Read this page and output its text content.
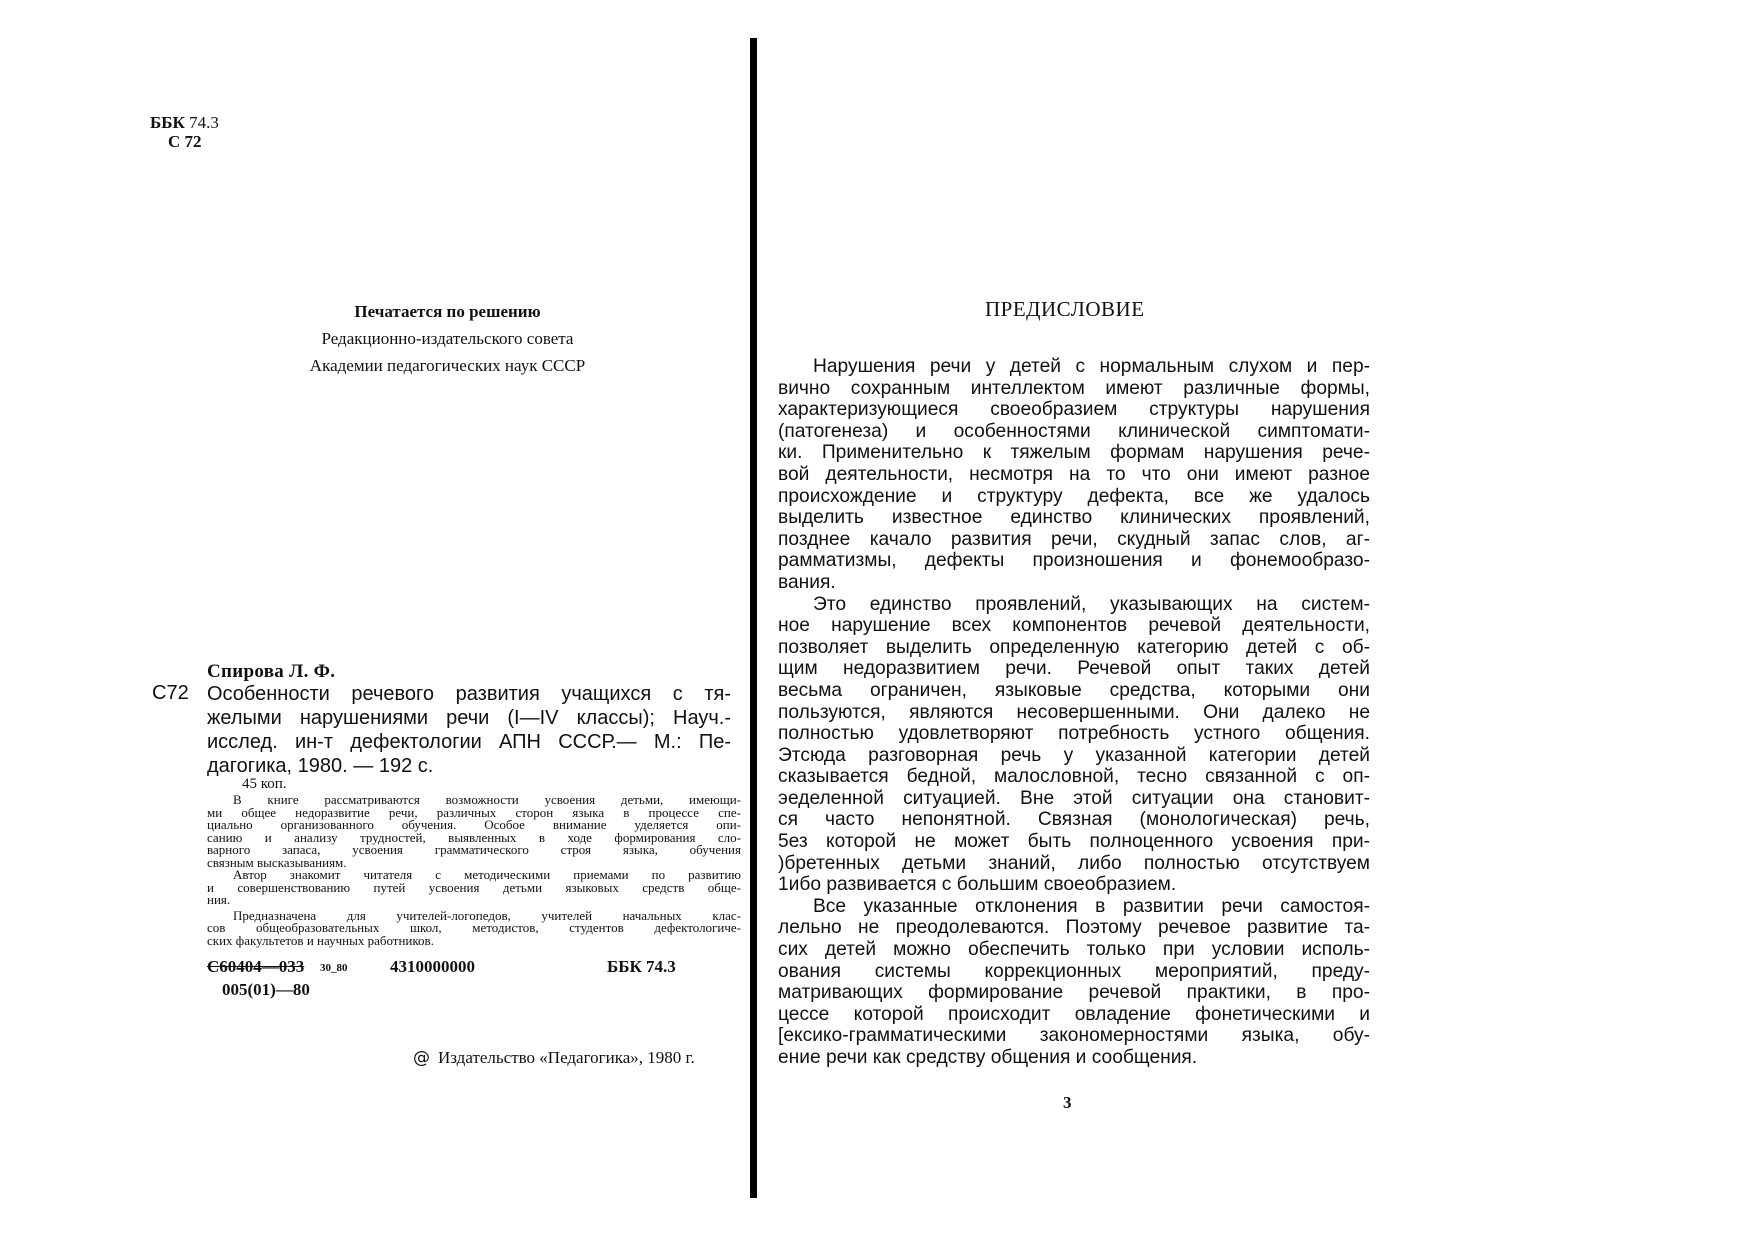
ББК 74.3
С 72
Печатается по решению
Редакционно-издательского совета
Академии педагогических наук СССР
Спирова Л. Ф.
С72 Особенности речевого развития учащихся с тя-
желыми нарушениями речи (I—IV классы); Науч.-
исслед. ин-т дефектологии АПН СССР.— М.: Пе-
дагогика, 1980. — 192 с.
45 коп.
В книге рассматриваются возможности усвоения детьми, имеющи-
ми общее недоразвитие речи, различных сторон языка в процессе спе-
циально организованного обучения. Особое внимание уделяется опи-
санию и анализу трудностей, выявленных в ходе формирования сло-
варного запаса, усвоения грамматического строя языка, обучения
связным высказываниям.
Автор знакомит читателя с методическими приемами по развитию
и совершенствованию путей усвоения детьми языковых средств обще-
ния.
Предназначена для учителей-логопедов, учителей начальных клас-
сов общеобразовательных школ, методистов, студентов дефектологиче-
ских факультетов и научных работников.
С60404—033 30_80	4310000000	ББК 74.3
005(01)—80
@ Издательство «Педагогика», 1980 г.
ПРЕДИСЛОВИЕ
Нарушения речи у детей с нормальным слухом и пер-
вично сохранным интеллектом имеют различные формы,
характеризующиеся своеобразием структуры нарушения
(патогенеза) и особенностями клинической симптомати-
ки. Применительно к тяжелым формам нарушения рече-
вой деятельности, несмотря на то что они имеют разное
происхождение и структуру дефекта, все же удалось
выделить известное единство клинических проявлений,
позднее качало развития речи, скудный запас слов, аг-
рамматизмы, дефекты произношения и фонемообразо-
вания.
Это единство проявлений, указывающих на систем-
ное нарушение всех компонентов речевой деятельности,
позволяет выделить определенную категорию детей с об-
щим недоразвитием речи. Речевой опыт таких детей
весьма ограничен, языковые средства, которыми они
пользуются, являются несовершенными. Они далеко не
полностью удовлетворяют потребность устного общения.
Этсюда разговорная речь у указанной категории детей
сказывается бедной, малословной, тесно связанной с оп-
эеделенной ситуацией. Вне этой ситуации она становит-
ся часто непонятной. Связная (монологическая) речь,
5ез которой не может быть полноценного усвоения при-
)бретенных детьми знаний, либо полностью отсутствуем
1ибо развивается с большим своеобразием.
Все указанные отклонения в развитии речи самостоя-
лельно не преодолеваются. Поэтому речевое развитие та-
сих детей можно обеспечить только при условии исполь-
ования системы коррекционных мероприятий, преду-
матривающих формирование речевой практики, в про-
цессе которой происходит овладение фонетическими и
[ексико-грамматическими закономерностями языка, обу-
ение речи как средству общения и сообщения.
3
